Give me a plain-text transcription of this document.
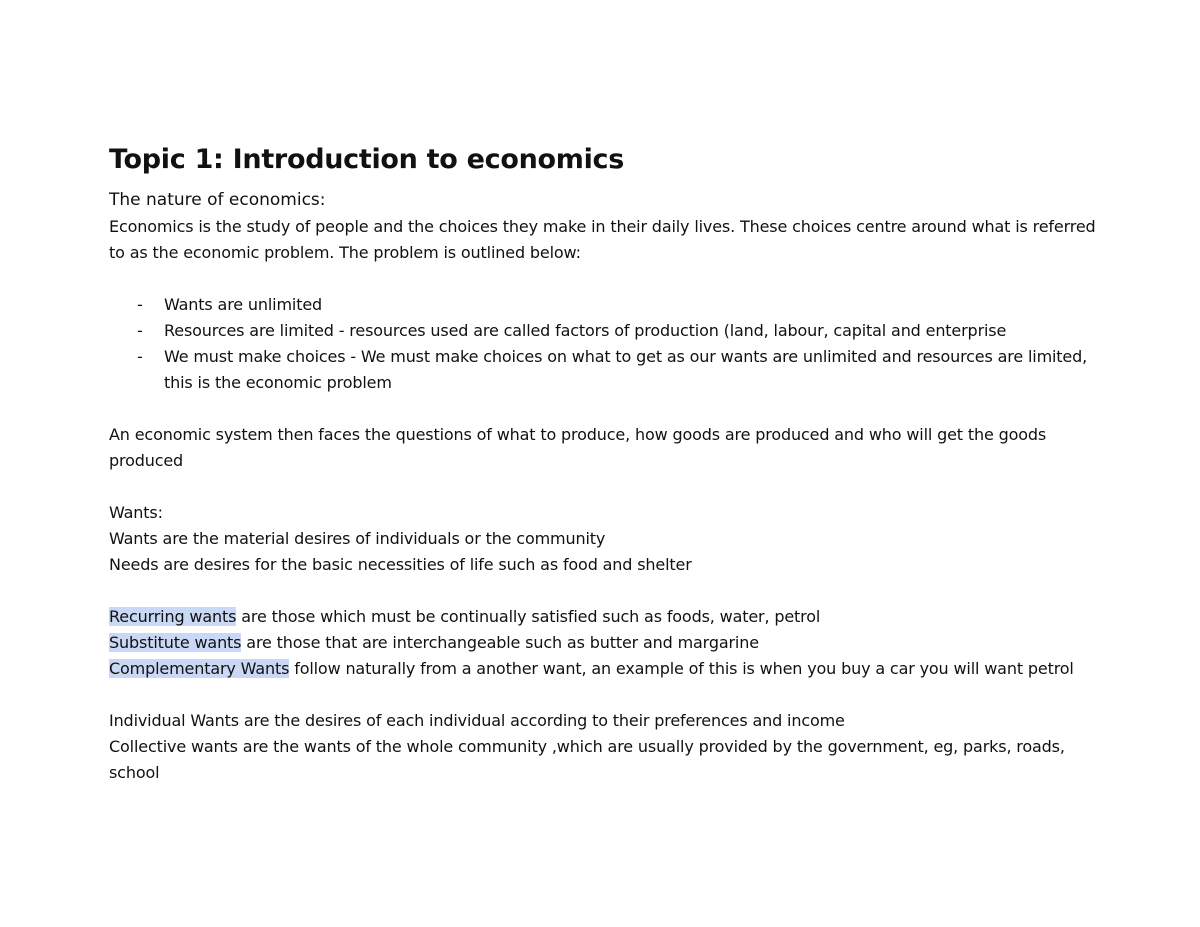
Topic 1: Introduction to economics

The nature of economics:

Economics is the study of people and the choices they make in their daily lives. These choices centre around what is referred to as the economic problem. The problem is outlined below:

- Wants are unlimited
- Resources are limited - resources used are called factors of production (land, labour, capital and enterprise
- We must make choices - We must make choices on what to get as our wants are unlimited and resources are limited, this is the economic problem

An economic system then faces the questions of what to produce, how goods are produced and who will get the goods produced

Wants:

Wants are the material desires of individuals or the community

Needs are desires for the basic necessities of life such as food and shelter

Recurring wants are those which must be continually satisfied such as foods, water, petrol

Substitute wants are those that are interchangeable such as butter and margarine

Complementary Wants follow naturally from a another want, an example of this is when you buy a car you will want petrol

Individual Wants are the desires of each individual according to their preferences and income

Collective wants are the wants of the whole community ,which are usually provided by the government, eg, parks, roads, school
